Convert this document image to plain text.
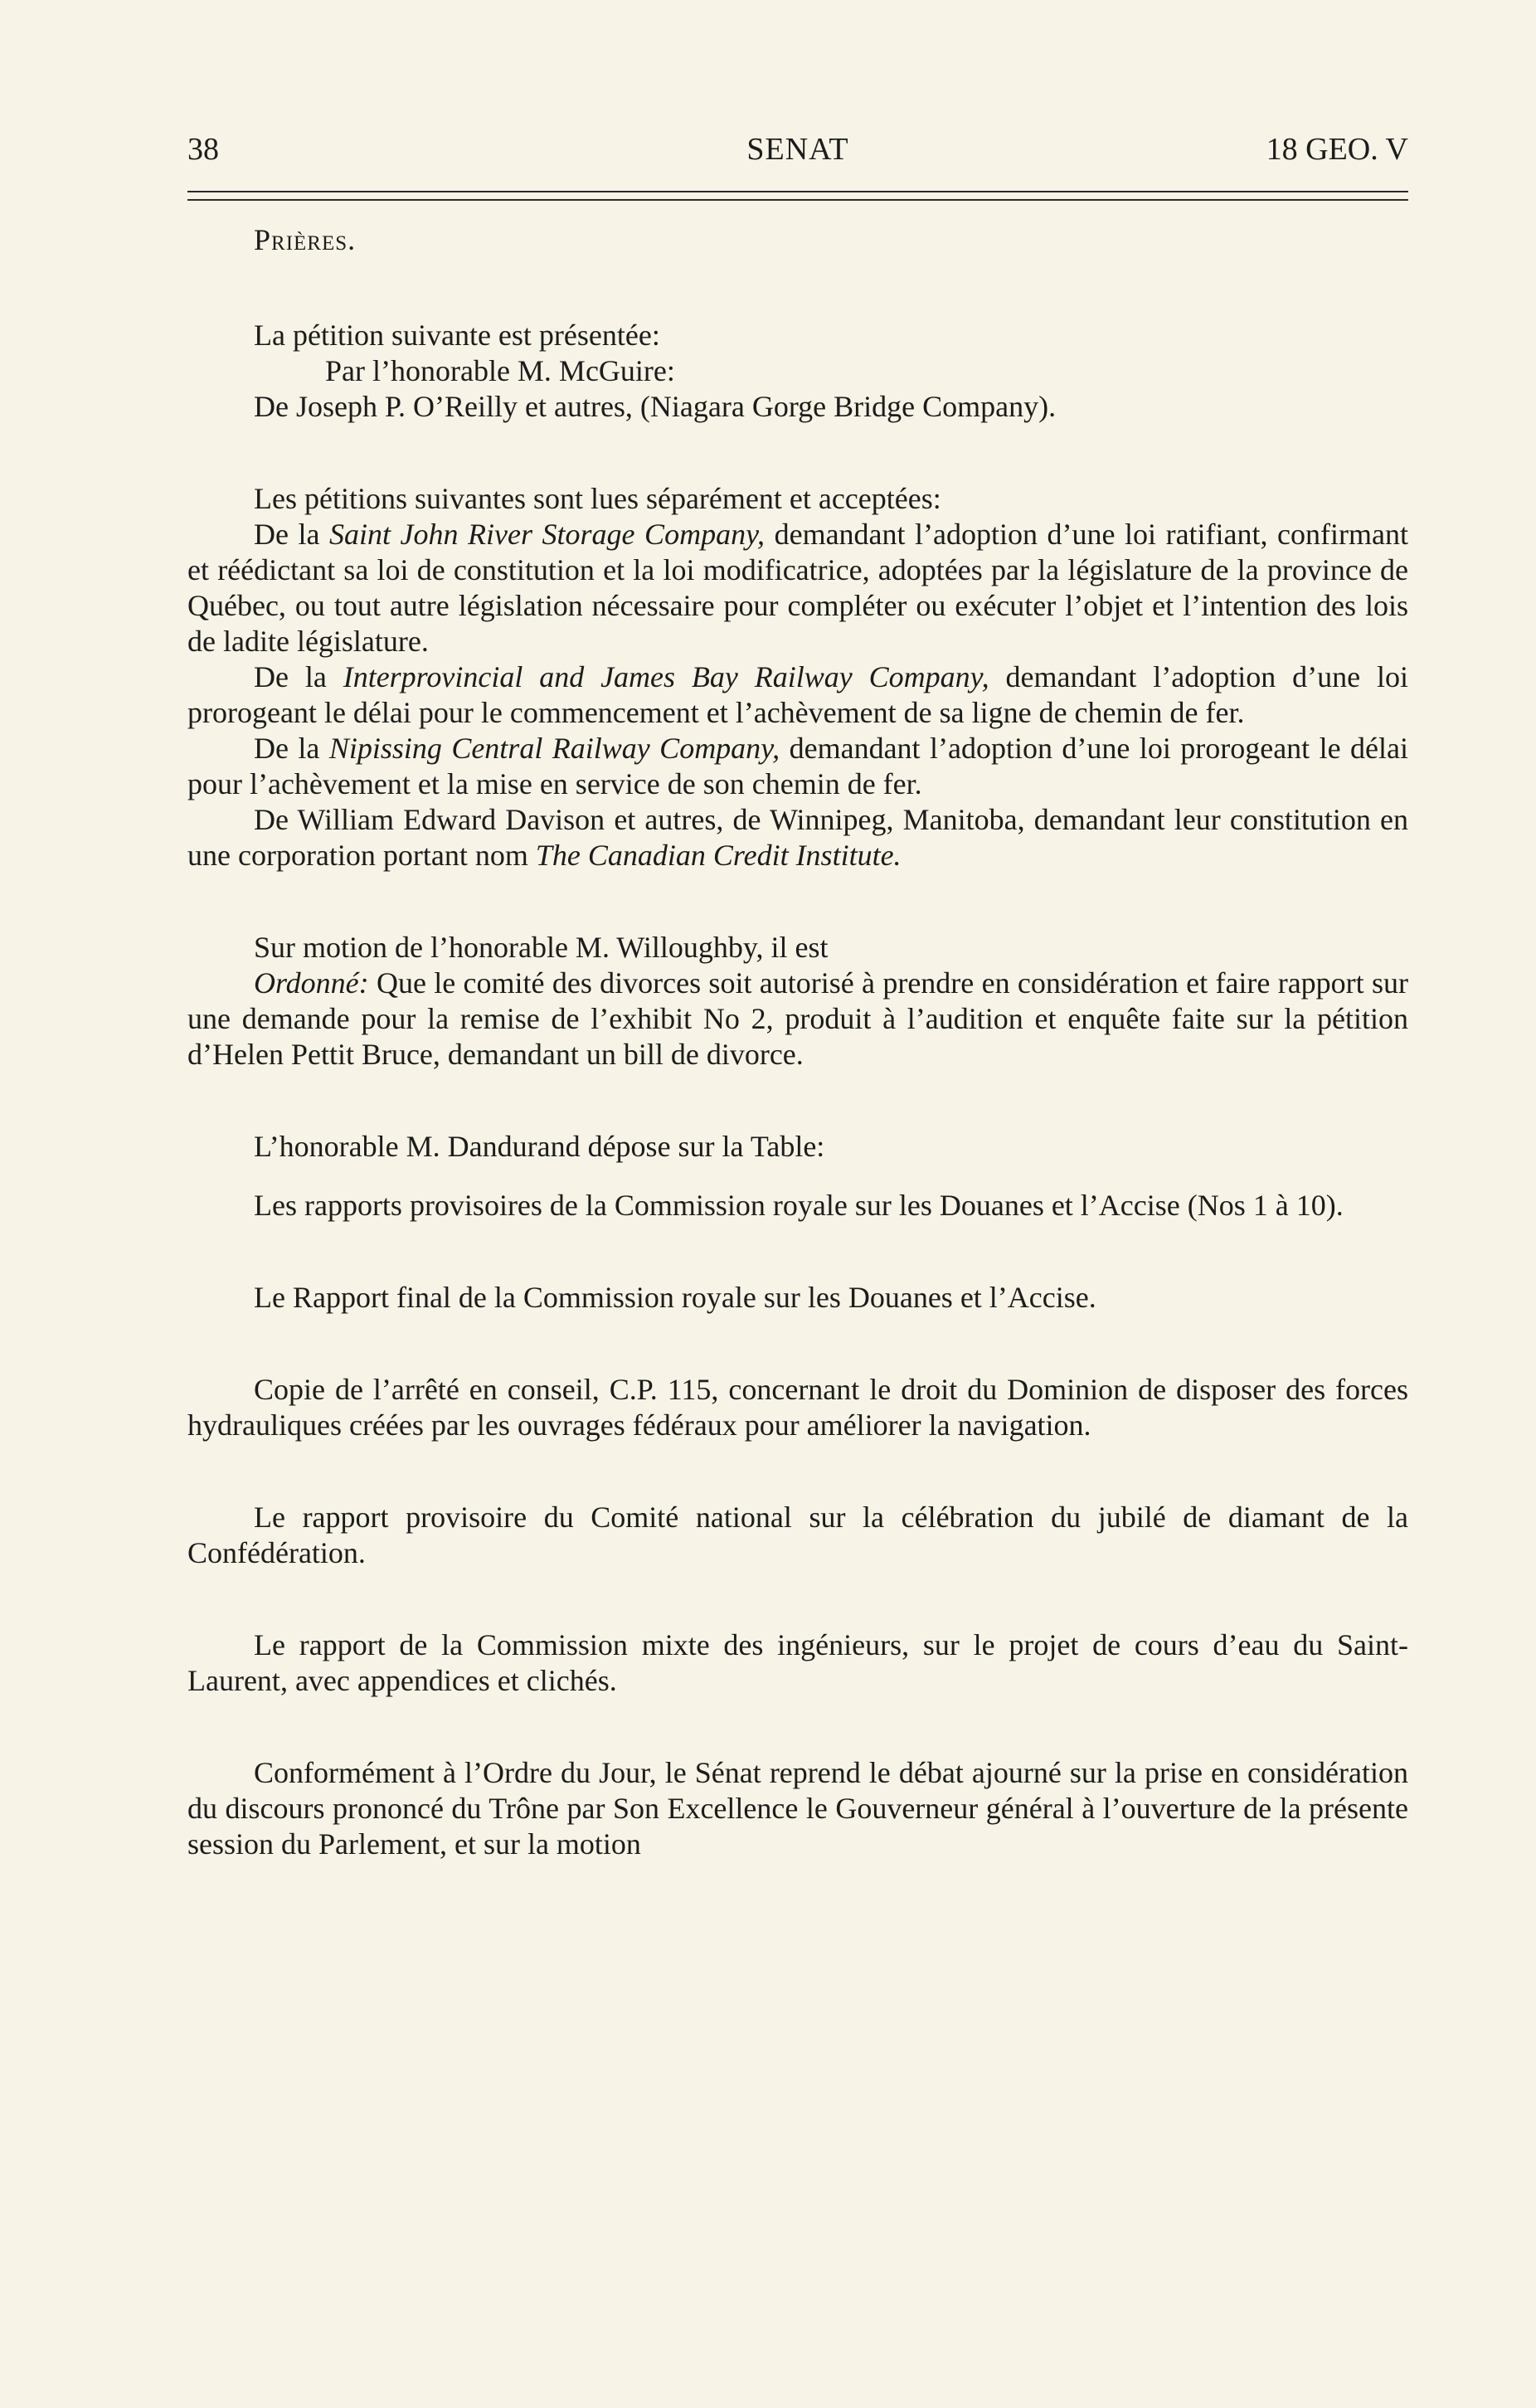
38	SENAT	18 GEO. V

Prières.

La pétition suivante est présentée:

Par l’honorable M. McGuire:

De Joseph P. O’Reilly et autres, (Niagara Gorge Bridge Company).

Les pétitions suivantes sont lues séparément et acceptées:

De la Saint John River Storage Company, demandant l’adoption d’une loi ratifiant, confirmant et réédictant sa loi de constitution et la loi modificatrice, adoptées par la législature de la province de Québec, ou tout autre législation nécessaire pour compléter ou exécuter l’objet et l’intention des lois de ladite législature.

De la Interprovincial and James Bay Railway Company, demandant l’adoption d’une loi prorogeant le délai pour le commencement et l’achèvement de sa ligne de chemin de fer.

De la Nipissing Central Railway Company, demandant l’adoption d’une loi prorogeant le délai pour l’achèvement et la mise en service de son chemin de fer.

De William Edward Davison et autres, de Winnipeg, Manitoba, demandant leur constitution en une corporation portant nom The Canadian Credit Institute.

Sur motion de l’honorable M. Willoughby, il est

Ordonné: Que le comité des divorces soit autorisé à prendre en considération et faire rapport sur une demande pour la remise de l’exhibit No 2, produit à l’audition et enquête faite sur la pétition d’Helen Pettit Bruce, demandant un bill de divorce.

L’honorable M. Dandurand dépose sur la Table:

Les rapports provisoires de la Commission royale sur les Douanes et l’Accise (Nos 1 à 10).

Le Rapport final de la Commission royale sur les Douanes et l’Accise.

Copie de l’arrêté en conseil, C.P. 115, concernant le droit du Dominion de disposer des forces hydrauliques créées par les ouvrages fédéraux pour améliorer la navigation.

Le rapport provisoire du Comité national sur la célébration du jubilé de diamant de la Confédération.

Le rapport de la Commission mixte des ingénieurs, sur le projet de cours d’eau du Saint-Laurent, avec appendices et clichés.

Conformément à l’Ordre du Jour, le Sénat reprend le débat ajourné sur la prise en considération du discours prononcé du Trône par Son Excellence le Gouverneur général à l’ouverture de la présente session du Parlement, et sur la motion
